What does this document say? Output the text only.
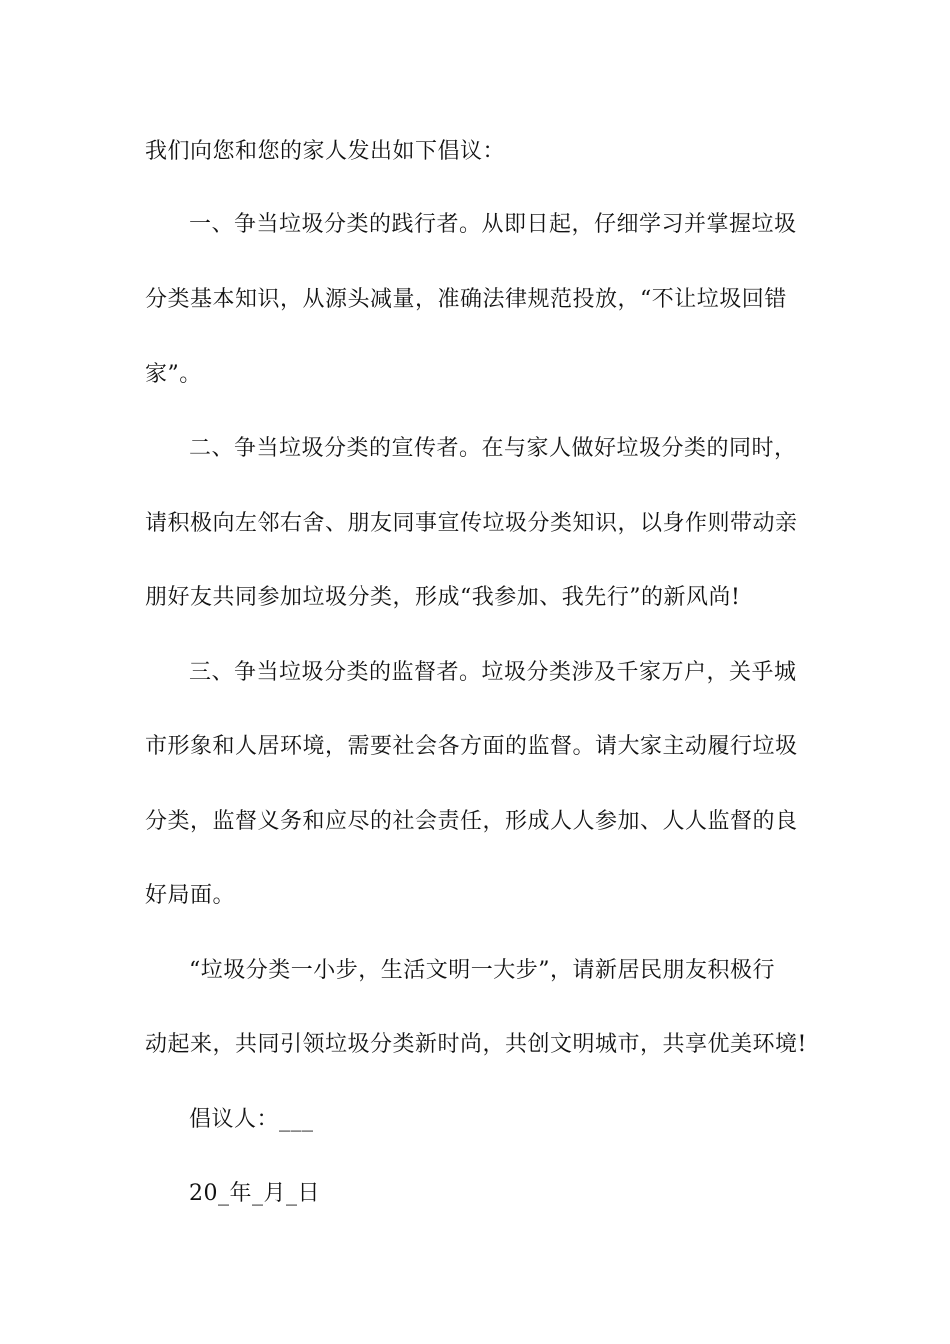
我们向您和您的家人发出如下倡议：
一、争当垃圾分类的践行者。从即日起，仔细学习并掌握垃圾
分类基本知识，从源头减量，准确法律规范投放，“不让垃圾回错
家”。
二、争当垃圾分类的宣传者。在与家人做好垃圾分类的同时，
请积极向左邻右舍、朋友同事宣传垃圾分类知识，以身作则带动亲
朋好友共同参加垃圾分类，形成“我参加、我先行”的新风尚!
三、争当垃圾分类的监督者。垃圾分类涉及千家万户，关乎城
市形象和人居环境，需要社会各方面的监督。请大家主动履行垃圾
分类，监督义务和应尽的社会责任，形成人人参加、人人监督的良
好局面。
“垃圾分类一小步，生活文明一大步”，请新居民朋友积极行
动起来，共同引领垃圾分类新时尚，共创文明城市，共享优美环境!
倡议人：___
20_年_月_日
